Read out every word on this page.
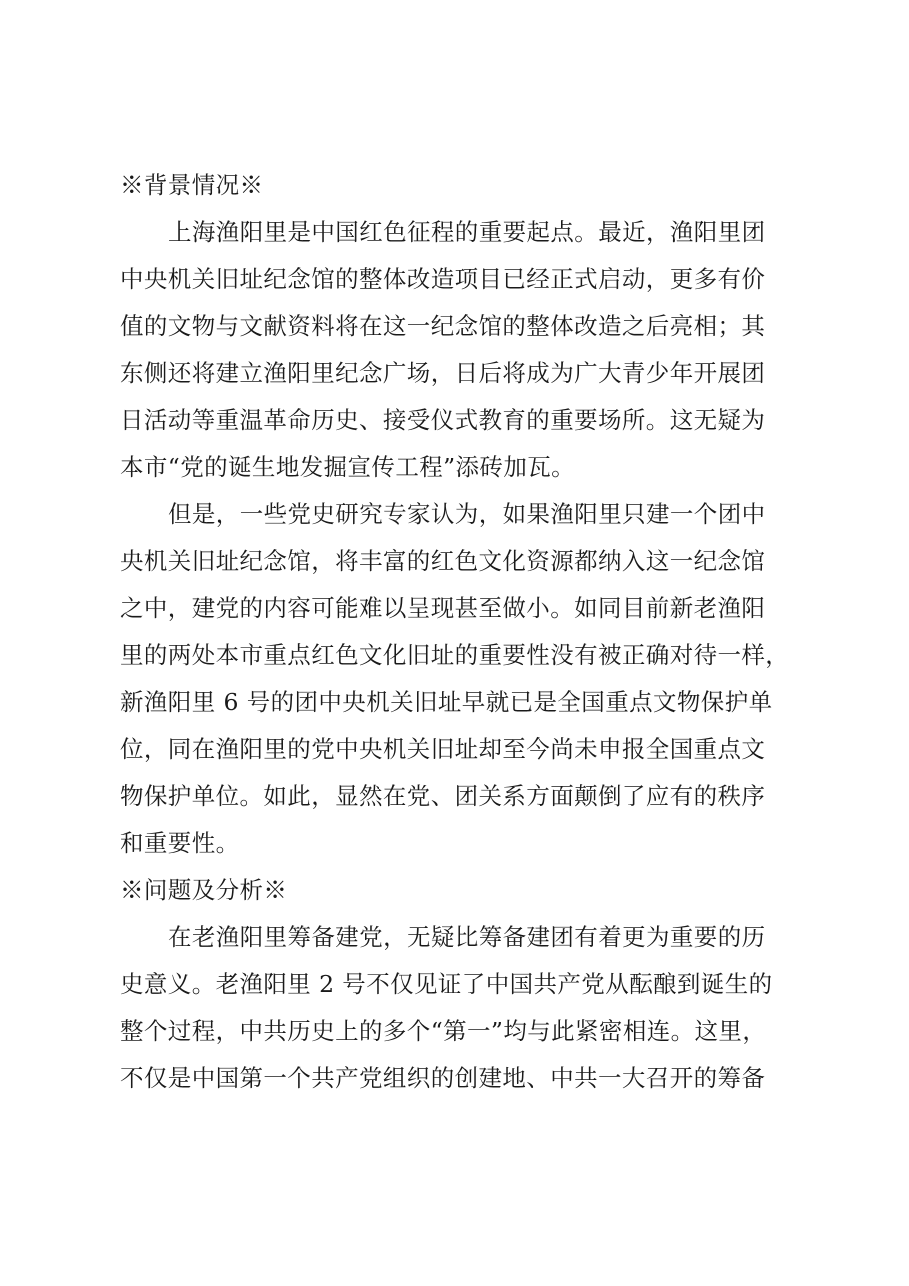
※背景情况※
上海渔阳里是中国红色征程的重要起点。最近，渔阳里团
中央机关旧址纪念馆的整体改造项目已经正式启动，更多有价
值的文物与文献资料将在这一纪念馆的整体改造之后亮相；其
东侧还将建立渔阳里纪念广场，日后将成为广大青少年开展团
日活动等重温革命历史、接受仪式教育的重要场所。这无疑为
本市“党的诞生地发掘宣传工程”添砖加瓦。
但是，一些党史研究专家认为，如果渔阳里只建一个团中
央机关旧址纪念馆，将丰富的红色文化资源都纳入这一纪念馆
之中，建党的内容可能难以呈现甚至做小。如同目前新老渔阳
里的两处本市重点红色文化旧址的重要性没有被正确对待一样，
新渔阳里 6 号的团中央机关旧址早就已是全国重点文物保护单
位，同在渔阳里的党中央机关旧址却至今尚未申报全国重点文
物保护单位。如此，显然在党、团关系方面颠倒了应有的秩序
和重要性。
※问题及分析※
在老渔阳里筹备建党，无疑比筹备建团有着更为重要的历
史意义。老渔阳里 2 号不仅见证了中国共产党从酝酿到诞生的
整个过程，中共历史上的多个“第一”均与此紧密相连。这里，
不仅是中国第一个共产党组织的创建地、中共一大召开的筹备
